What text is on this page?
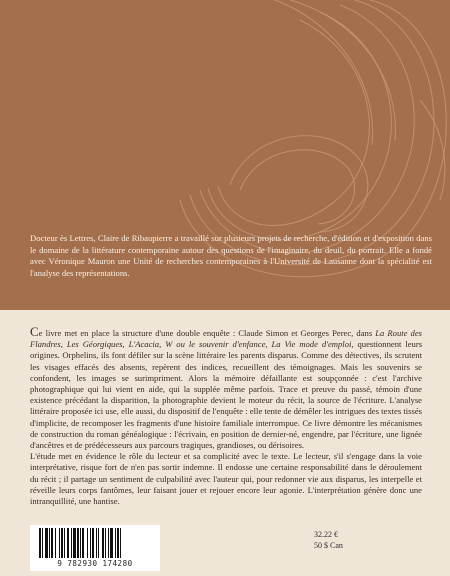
Docteur ès Lettres, Claire de Ribaupierre a travaillé sur plusieurs projets de recherche, d'édition et d'exposition dans le domaine de la littérature contemporaine autour des questions de l'imaginaire, du deuil, du portrait. Elle a fondé avec Véronique Mauron une Unité de recherches contemporaines à l'Université de Lausanne dont la spécialité est l'analyse des représentations.

Ce livre met en place la structure d'une double enquête : Claude Simon et Georges Perec, dans La Route des Flandres, Les Géorgiques, L'Acacia, W ou le souvenir d'enfance, La Vie mode d'emploi, questionnent leurs origines. Orphelins, ils font défiler sur la scène littéraire les parents disparus. Comme des détectives, ils scrutent les visages effacés des absents, repèrent des indices, recueillent des témoignages. Mais les souvenirs se confondent, les images se surimpriment. Alors la mémoire défaillante est soupçonnée : c'est l'archive photographique qui lui vient en aide, qui la supplée même parfois. Trace et preuve du passé, témoin d'une existence précédant la disparition, la photographie devient le moteur du récit, la source de l'écriture. L'analyse littéraire proposée ici use, elle aussi, du dispositif de l'enquête : elle tente de démêler les intrigues des textes tissés d'implicite, de recomposer les fragments d'une histoire familiale interrompue. Ce livre démontre les mécanismes de construction du roman généalogique : l'écrivain, en position de dernier-né, engendre, par l'écriture, une lignée d'ancêtres et de prédécesseurs aux parcours tragiques, grandioses, ou dérisoires.

L'étude met en évidence le rôle du lecteur et sa complicité avec le texte. Le lecteur, s'il s'engage dans la voie interprétative, risque fort de n'en pas sortir indemne. Il endosse une certaine responsabilité dans le déroulement du récit ; il partage un sentiment de culpabilité avec l'auteur qui, pour redonner vie aux disparus, les interpelle et réveille leurs corps fantômes, leur faisant jouer et rejouer encore leur agonie. L'interprétation génère donc une intranquillité, une hantise.

9 782930 174280
32.22 €
50 $ Can
